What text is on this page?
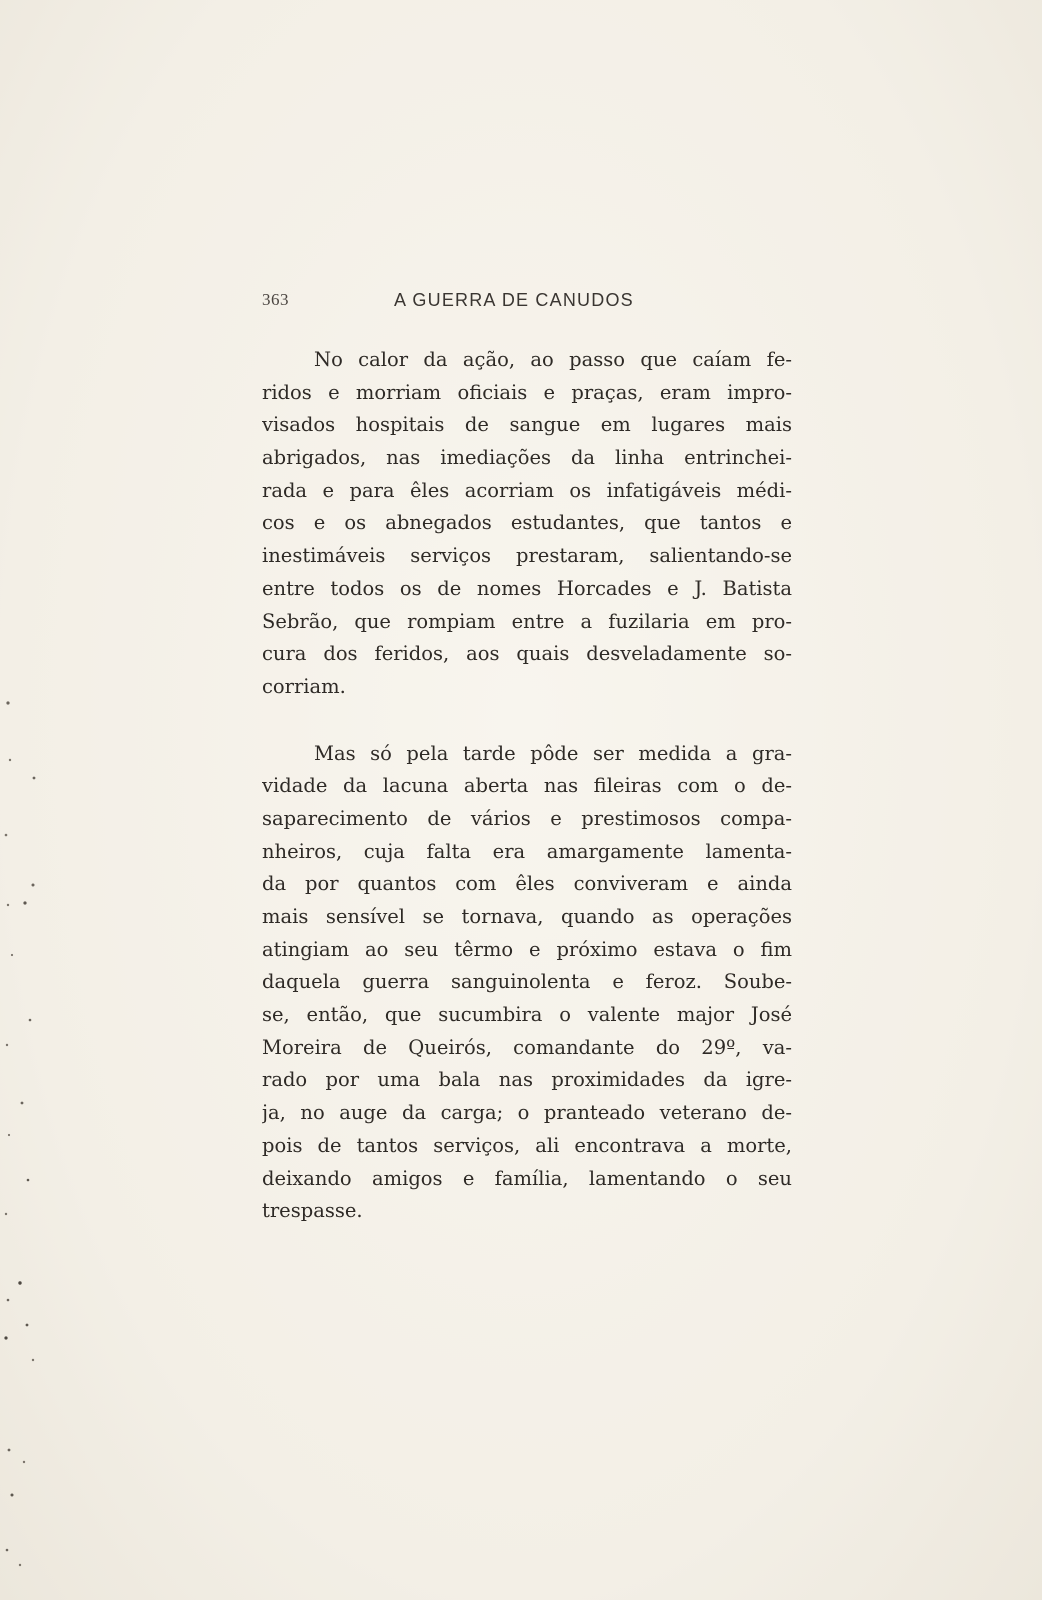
363	A GUERRA DE CANUDOS

No calor da ação, ao passo que caíam fe-
ridos e morriam oficiais e praças, eram impro-
visados hospitais de sangue em lugares mais
abrigados, nas imediações da linha entrinchei-
rada e para êles acorriam os infatigáveis médi-
cos e os abnegados estudantes, que tantos e
inestimáveis serviços prestaram, salientando-se
entre todos os de nomes Horcades e J. Batista
Sebrão, que rompiam entre a fuzilaria em pro-
cura dos feridos, aos quais desveladamente so-
corriam.

Mas só pela tarde pôde ser medida a gra-
vidade da lacuna aberta nas fileiras com o de-
saparecimento de vários e prestimosos compa-
nheiros, cuja falta era amargamente lamenta-
da por quantos com êles conviveram e ainda
mais sensível se tornava, quando as operações
atingiam ao seu têrmo e próximo estava o fim
daquela guerra sanguinolenta e feroz. Soube-
se, então, que sucumbira o valente major José
Moreira de Queirós, comandante do 29º, va-
rado por uma bala nas proximidades da igre-
ja, no auge da carga; o pranteado veterano de-
pois de tantos serviços, ali encontrava a morte,
deixando amigos e família, lamentando o seu
trespasse.
